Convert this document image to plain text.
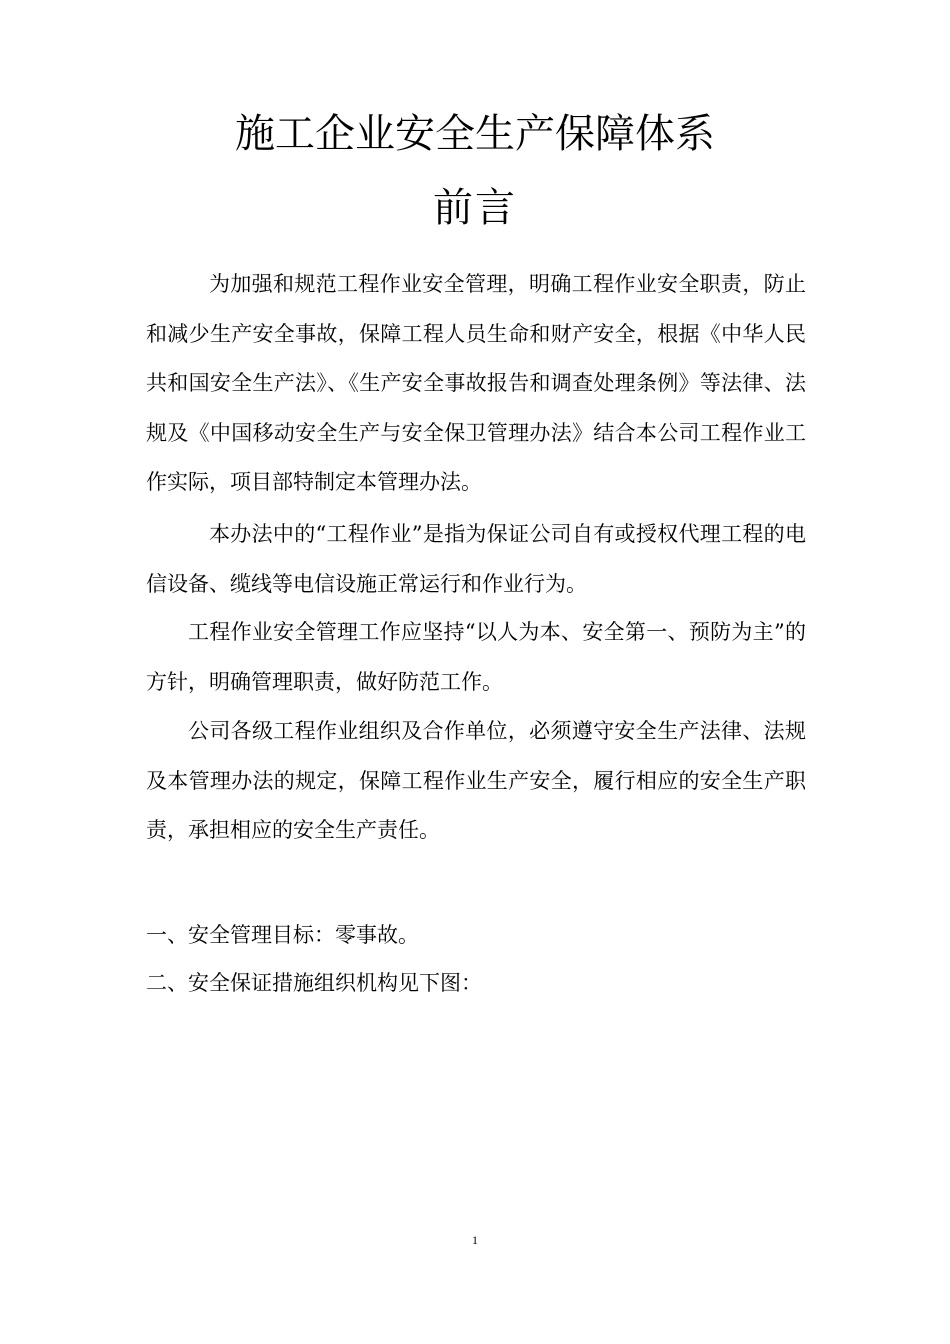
施工企业安全生产保障体系
前言

为加强和规范工程作业安全管理，明确工程作业安全职责，防止和减少生产安全事故，保障工程人员生命和财产安全，根据《中华人民共和国安全生产法》、《生产安全事故报告和调查处理条例》等法律、法规及《中国移动安全生产与安全保卫管理办法》结合本公司工程作业工作实际，项目部特制定本管理办法。

本办法中的“工程作业”是指为保证公司自有或授权代理工程的电信设备、缆线等电信设施正常运行和作业行为。

工程作业安全管理工作应坚持“以人为本、安全第一、预防为主”的方针，明确管理职责，做好防范工作。

公司各级工程作业组织及合作单位，必须遵守安全生产法律、法规及本管理办法的规定，保障工程作业生产安全，履行相应的安全生产职责，承担相应的安全生产责任。

一、安全管理目标：零事故。

二、安全保证措施组织机构见下图：

1
